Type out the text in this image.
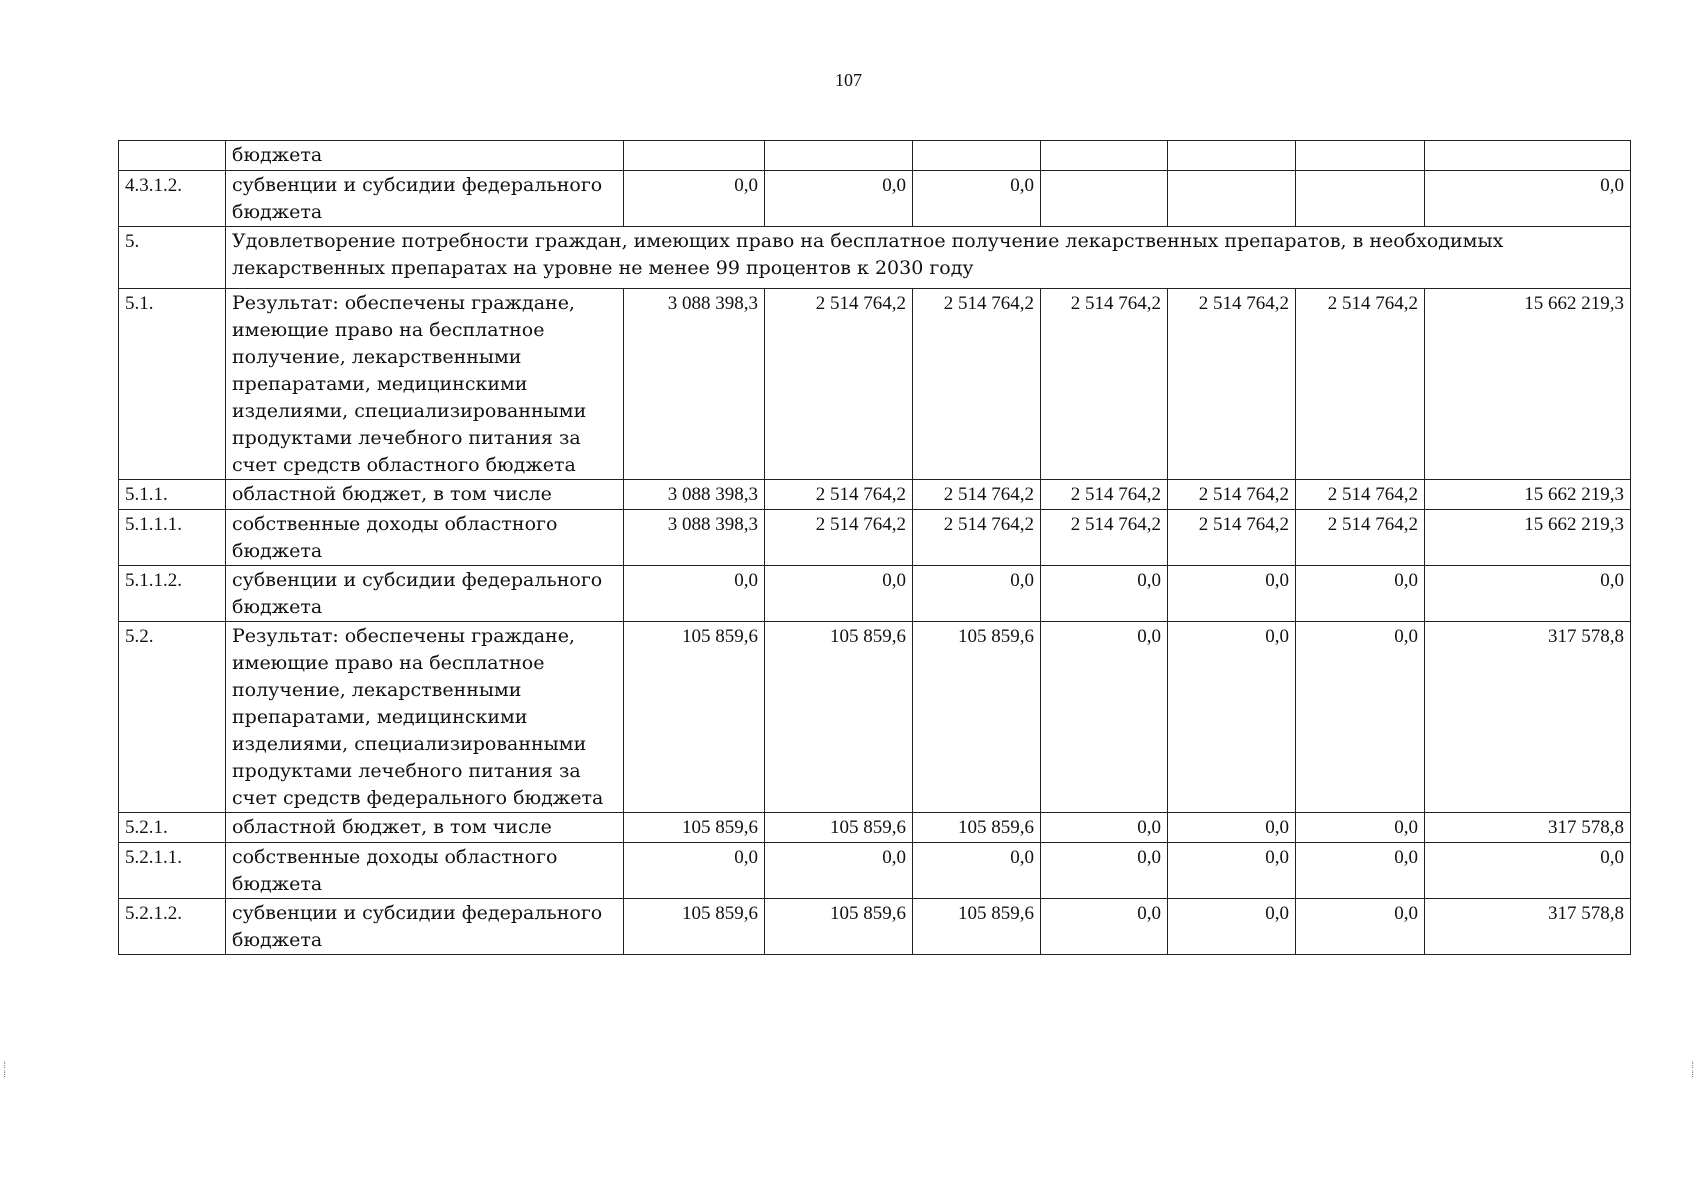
107
	бюджета							
4.3.1.2.	субвенции и субсидии федерального бюджета	0,0	0,0	0,0				0,0
5.	Удовлетворение потребности граждан, имеющих право на бесплатное получение лекарственных препаратов, в необходимых лекарственных препаратах на уровне не менее 99 процентов к 2030 году							
5.1.	Результат: обеспечены граждане, имеющие право на бесплатное получение, лекарственными препаратами, медицинскими изделиями, специализированными продуктами лечебного питания за счет средств областного бюджета	3 088 398,3	2 514 764,2	2 514 764,2	2 514 764,2	2 514 764,2	2 514 764,2	15 662 219,3
5.1.1.	областной бюджет, в том числе	3 088 398,3	2 514 764,2	2 514 764,2	2 514 764,2	2 514 764,2	2 514 764,2	15 662 219,3
5.1.1.1.	собственные доходы областного бюджета	3 088 398,3	2 514 764,2	2 514 764,2	2 514 764,2	2 514 764,2	2 514 764,2	15 662 219,3
5.1.1.2.	субвенции и субсидии федерального бюджета	0,0	0,0	0,0	0,0	0,0	0,0	0,0
5.2.	Результат: обеспечены граждане, имеющие право на бесплатное получение, лекарственными препаратами, медицинскими изделиями, специализированными продуктами лечебного питания за счет средств федерального бюджета	105 859,6	105 859,6	105 859,6	0,0	0,0	0,0	317 578,8
5.2.1.	областной бюджет, в том числе	105 859,6	105 859,6	105 859,6	0,0	0,0	0,0	317 578,8
5.2.1.1.	собственные доходы областного бюджета	0,0	0,0	0,0	0,0	0,0	0,0	0,0
5.2.1.2.	субвенции и субсидии федерального бюджета	105 859,6	105 859,6	105 859,6	0,0	0,0	0,0	317 578,8
⁞
⁞
⁞
⁞
